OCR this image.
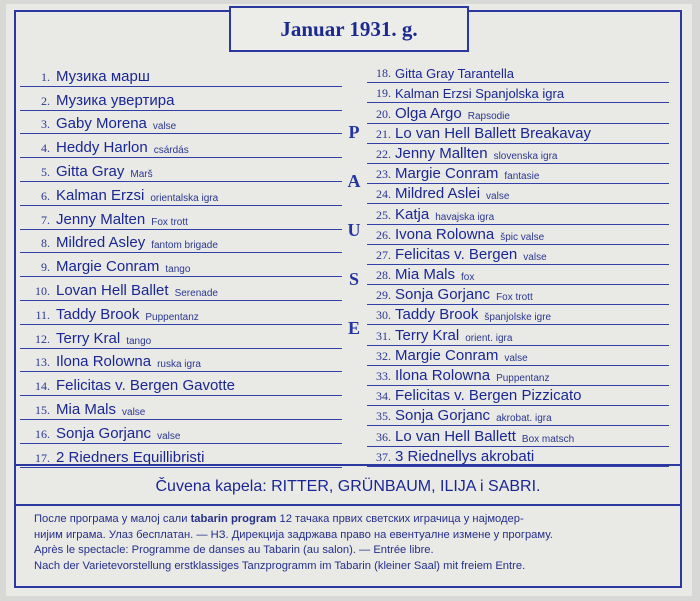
Januar 1931. g.
1. Музика марш
2. Музика увертира
3. Gaby Morena valse
4. Heddy Harlon csárdás
5. Gitta Gray Marš
6. Kalman Erzsi orientalska igra
7. Jenny Malten Fox trott
8. Mildred Asley fantom brigade
9. Margie Conram tango
10. Lovan Hell Ballet Serenade
11. Taddy Brook Puppentanz
12. Terry Kral tango
13. Ilona Rolowna ruska igra
14. Felicitas v. Bergen Gavotte
15. Mia Mals valse
16. Sonja Gorjanc valse
17. 2 Riedners Equillibristi
P
A
U
S
E
18. Gitta Gray Tarantella
19. Kalman Erzsi Spanjolska igra
20. Olga Argo Rapsodie
21. Lo van Hell Ballett Breakavay
22. Jenny Mallten slovenska igra
23. Margie Conram fantasie
24. Mildred Aslei valse
25. Katja havajska igra
26. Ivona Rolowna špic valse
27. Felicitas v. Bergen valse
28. Mia Mals fox
29. Sonja Gorjanc Fox trott
30. Taddy Brook španjolske igre
31. Terry Kral orient. igra
32. Margie Conram valse
33. Ilona Rolowna Puppentanz
34. Felicitas v. Bergen Pizzicato
35. Sonja Gorjanc akrobat. igra
36. Lo van Hell Ballett Box matsch
37. 3 Riednellys akrobati
Čuvena kapela: RITTER, GRÜNBAUM, ILIJA i SABRI.

После програма у малој сали tabarin program 12 тачака првих светских играчица у најмодер-

нијим играма. Улаз бесплатан. — НЗ. Дирекција задржава право на евентуалне измене у програму.

Après le spectacle: Programme de danses au Tabarin (au salon). — Entrée libre.

Nach der Varietevorstellung erstklassiges Tanzprogramm im Tabarin (kleiner Saal) mit freiem Entre.
